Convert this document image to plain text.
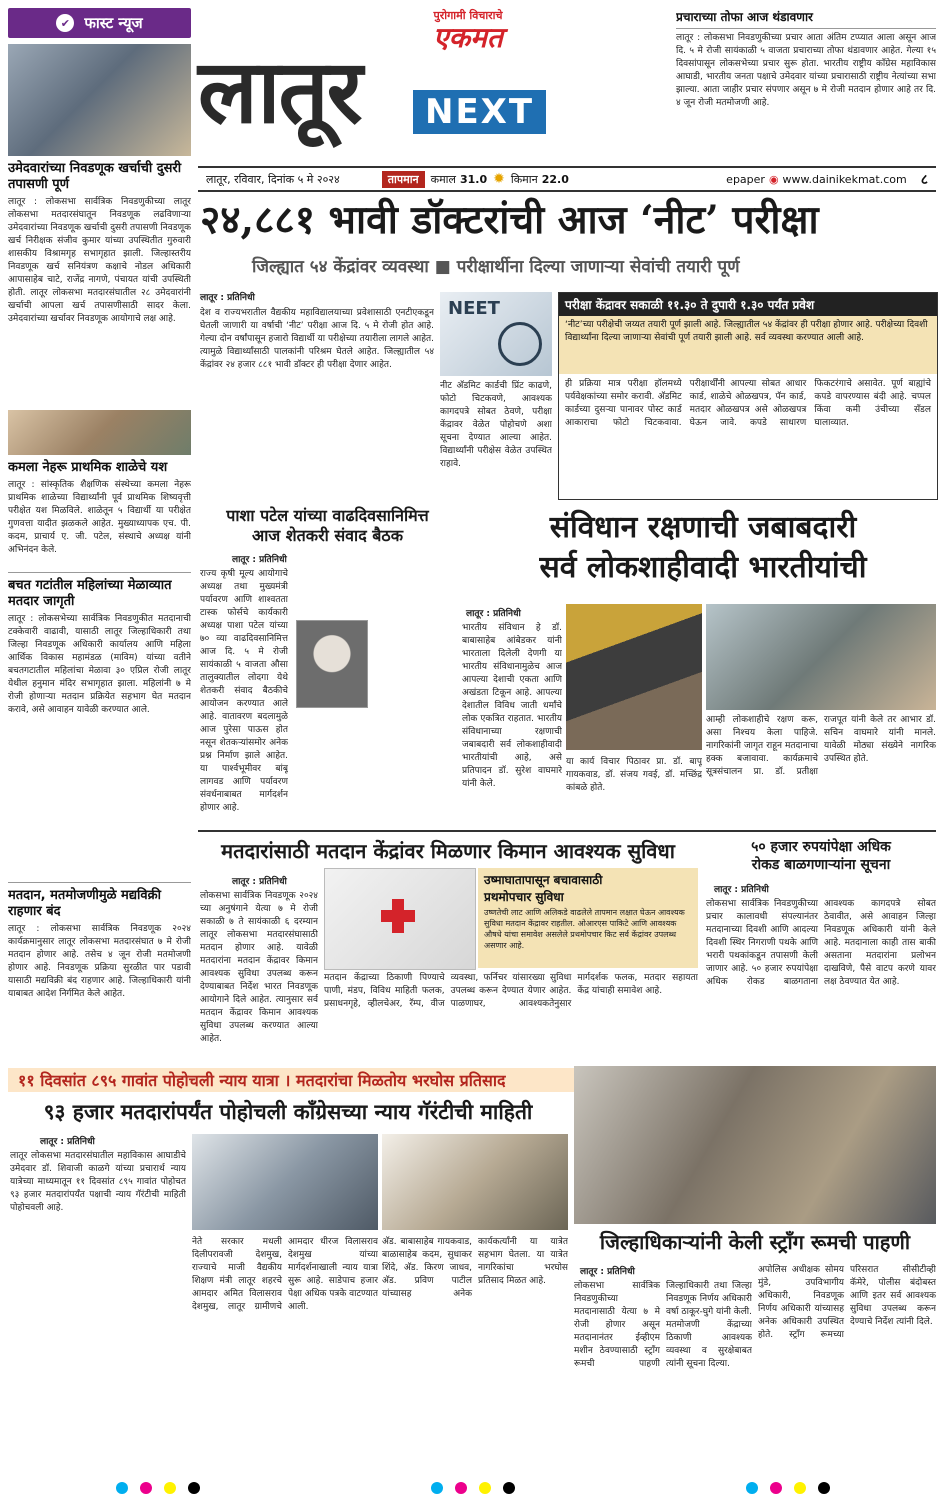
✔ फास्ट न्यूज
उमेदवारांच्या निवडणूक खर्चाची दुसरी तपासणी पूर्ण
लातूर : लोकसभा सार्वत्रिक निवडणुकीच्या लातूर लोकसभा मतदारसंघातून निवडणूक लढविणाऱ्या उमेदवारांच्या निवडणूक खर्चाची दुसरी तपासणी निवडणूक खर्च निरीक्षक संजीव कुमार यांच्या उपस्थितीत गुरुवारी शासकीय विश्रामगृह सभागृहात झाली. जिल्हास्तरीय निवडणूक खर्च सनियंत्रण कक्षाचे नोडल अधिकारी आपासाहेब चाटे, राजेंद्र नागणे, पंचायत यांची उपस्थिती होती. लातूर लोकसभा मतदारसंघातील २८ उमेदवारांनी खर्चाची आपला खर्च तपासणीसाठी सादर केला. उमेदवारांच्या खर्चावर निवडणूक आयोगाचे लक्ष आहे.
कमला नेहरू प्राथमिक शाळेचे यश
लातूर : सांस्कृतिक शैक्षणिक संस्थेच्या कमला नेहरू प्राथमिक शाळेच्या विद्यार्थ्यांनी पूर्व प्राथमिक शिष्यवृत्ती परीक्षेत यश मिळविले. शाळेतून ५ विद्यार्थी या परीक्षेत गुणवत्ता यादीत झळकले आहेत. मुख्याध्यापक एच. पी. कदम, प्राचार्य ए. जी. पटेल, संस्थाचे अध्यक्ष यांनी अभिनंदन केले.
बचत गटांतील महिलांच्या मेळाव्यात मतदार जागृती
लातूर : लोकसभेच्या सार्वत्रिक निवडणुकीत मतदानाची टक्केवारी वाढावी, यासाठी लातूर जिल्हाधिकारी तथा जिल्हा निवडणूक अधिकारी कार्यालय आणि महिला आर्थिक विकास महामंडळ (माविम) यांच्या वतीने बचतगटातील महिलांचा मेळावा ३० एप्रिल रोजी लातूर येथील हनुमान मंदिर सभागृहात झाला. महिलांनी ७ मे रोजी होणाऱ्या मतदान प्रक्रियेत सहभाग घेत मतदान करावे, असे आवाहन यावेळी करण्यात आले.
मतदान, मतमोजणीमुळे मद्यविक्री राहणार बंद
लातूर : लोकसभा सार्वत्रिक निवडणूक २०२४ कार्यक्रमानुसार लातूर लोकसभा मतदारसंघात ७ मे रोजी मतदान होणार आहे. तसेच ४ जून रोजी मतमोजणी होणार आहे. निवडणूक प्रक्रिया सुरळीत पार पडावी यासाठी मद्यविक्री बंद राहणार आहे. जिल्हाधिकारी यांनी याबाबत आदेश निर्गमित केले आहेत.
लातूर
पुरोगामी विचाराचे
एकमत
NEXT
प्रचाराच्या तोफा आज थंडावणार
लातूर : लोकसभा निवडणुकीच्या प्रचार आता अंतिम टप्प्यात आला असून आज दि. ५ मे रोजी सायंकाळी ५ वाजता प्रचाराच्या तोफा थंडावणार आहेत. गेल्या १५ दिवसांपासून लोकसभेच्या प्रचार सुरू होता. भारतीय राष्ट्रीय काँग्रेस महाविकास आघाडी, भारतीय जनता पक्षाचे उमेदवार यांच्या प्रचारासाठी राष्ट्रीय नेत्यांच्या सभा झाल्या. आता जाहीर प्रचार संपणार असून ७ मे रोजी मतदान होणार आहे तर दि. ४ जून रोजी मतमोजणी आहे.
लातूर, रविवार, दिनांक ५ मे २०२४	तापमान	कमाल 31.0 ✹ किमान 22.0	epaper ◉ www.dainikekmat.com ८
२४,८८१ भावी डॉक्टरांची आज ‘नीट’ परीक्षा
जिल्ह्यात ५४ केंद्रांवर व्यवस्था ■ परीक्षार्थीना दिल्या जाणाऱ्या सेवांची तयारी पूर्ण
लातूर : प्रतिनिधी
देश व राज्यभरातील वैद्यकीय महाविद्यालयाच्या प्रवेशासाठी एनटीएकडून घेतली जाणारी या वर्षाची ‘नीट’ परीक्षा आज दि. ५ मे रोजी होत आहे. गेल्या दोन वर्षांपासून हजारो विद्यार्थी या परीक्षेच्या तयारीला लागले आहेत. त्यामुळे विद्यार्थ्यांसाठी पालकांनी परिश्रम घेतले आहेत. जिल्ह्यातील ५४ केंद्रांवर २४ हजार ८८१ भावी डॉक्टर ही परीक्षा देणार आहेत.
NEET
नीट अ‍ॅडमिट कार्डची प्रिंट काढणे, फोटो चिटकवणे, आवश्यक कागदपत्रे सोबत ठेवणे, परीक्षा केंद्रावर वेळेत पोहोचणे अशा सूचना देण्यात आल्या आहेत. विद्यार्थ्यांनी परीक्षेस वेळेत उपस्थित राहावे.
परीक्षा केंद्रावर सकाळी ११.३० ते दुपारी १.३० पर्यंत प्रवेश
‘नीट’च्या परीक्षेची जय्यत तयारी पूर्ण झाली आहे. जिल्ह्यातील ५४ केंद्रांवर ही परीक्षा होणार आहे. परीक्षेच्या दिवशी विद्यार्थ्यांना दिल्या जाणाऱ्या सेवांची पूर्ण तयारी झाली आहे. सर्व व्यवस्था करण्यात आली आहे.
ही प्रक्रिया मात्र परीक्षा हॉलमध्ये पर्यवेक्षकांच्या समोर करावी. अ‍ॅडमिट कार्डच्या दुसऱ्या पानावर पोस्ट कार्ड आकाराचा फोटो चिटकवावा. परीक्षार्थींनी आपल्या सोबत आधार कार्ड, शाळेचे ओळखपत्र, पॅन कार्ड, मतदार ओळखपत्र असे ओळखपत्र घेऊन जावे. कपडे साधारण फिकटरंगाचे असावेत. पूर्ण बाह्यांचे कपडे वापरण्यास बंदी आहे. चप्पल किंवा कमी उंचीच्या सँडल घालाव्यात.
पाशा पटेल यांच्या वाढदिवसानिमित्त
आज शेतकरी संवाद बैठक
लातूर : प्रतिनिधी
राज्य कृषी मूल्य आयोगाचे अध्यक्ष तथा मुख्यमंत्री पर्यावरण आणि शाश्वतता टास्क फोर्सचे कार्यकारी अध्यक्ष पाशा पटेल यांच्या ७० व्या वाढदिवसानिमित्त आज दि. ५ मे रोजी सायंकाळी ५ वाजता औसा तालुक्यातील लोदगा येथे शेतकरी संवाद बैठकीचे आयोजन करण्यात आले आहे. वातावरण बदलामुळे आज पुरेसा पाऊस होत नसून शेतकऱ्यांसमोर अनेक प्रश्न निर्माण झाले आहेत. या पार्श्वभूमीवर बांबू लागवड आणि पर्यावरण संवर्धनाबाबत मार्गदर्शन होणार आहे.
संविधान रक्षणाची जबाबदारी
सर्व लोकशाहीवादी भारतीयांची
लातूर : प्रतिनिधी
भारतीय संविधान हे डॉ. बाबासाहेब आंबेडकर यांनी भारताला दिलेली देणगी या भारतीय संविधानामुळेच आज आपल्या देशाची एकता आणि अखंडता टिकून आहे. आपल्या देशातील विविध जाती धर्मांचे लोक एकत्रित राहतात. भारतीय संविधानाच्या रक्षणाची जबाबदारी सर्व लोकशाहीवादी भारतीयांची आहे, असे प्रतिपादन डॉ. सुरेश वाघमारे यांनी केले.
या कार्य विचार पिठावर प्रा. डॉ. बापू गायकवाड, डॉ. संजय गवई, डॉ. मच्छिंद्र कांबळे होते.
आम्ही लोकशाहीचे रक्षण करू, असा निश्चय केला पाहिजे. नागरिकांनी जागृत राहून मतदानाचा हक्क बजावावा. कार्यक्रमाचे सूत्रसंचालन प्रा. डॉ. प्रतीक्षा राजपूत यांनी केले तर आभार डॉ. सचिन वाघमारे यांनी मानले. यावेळी मोठ्या संख्येने नागरिक उपस्थित होते.
मतदारांसाठी मतदान केंद्रांवर मिळणार किमान आवश्यक सुविधा
लातूर : प्रतिनिधी
लोकसभा सार्वत्रिक निवडणूक २०२४ च्या अनुषंगाने येत्या ७ मे रोजी सकाळी ७ ते सायंकाळी ६ दरम्यान लातूर लोकसभा मतदारसंघासाठी मतदान होणार आहे. यावेळी मतदारांना मतदान केंद्रावर किमान आवश्यक सुविधा उपलब्ध करून देण्याबाबत निर्देश भारत निवडणूक आयोगाने दिले आहेत. त्यानुसार सर्व मतदान केंद्रावर किमान आवश्यक सुविधा उपलब्ध करण्यात आल्या आहेत.
उष्माघातापासून बचावासाठी
प्रथमोपचार सुविधा
उष्णतेची लाट आणि अलिकडे वाढलेले तापमान लक्षात घेऊन आवश्यक सुविधा मतदान केंद्रावर राहतील. ओआरएस पाकिटे आणि आवश्यक औषधे यांचा समावेश असलेले प्रथमोपचार किट सर्व केंद्रांवर उपलब्ध असणार आहे.
मतदान केंद्राच्या ठिकाणी पिण्याचे पाणी, मंडप, विविध माहिती फलक, प्रसाधनगृहे, व्हीलचेअर, रॅम्प, वीज व्यवस्था, फर्निचर यांसारख्या सुविधा उपलब्ध करून देण्यात येणार आहेत. पाळणाघर, आवश्यकतेनुसार मार्गदर्शक फलक, मतदार सहायता केंद्र यांचाही समावेश आहे.
५० हजार रुपयांपेक्षा अधिक
रोकड बाळगणाऱ्यांना सूचना
लातूर : प्रतिनिधी
लोकसभा सार्वत्रिक निवडणुकीच्या प्रचार कालावधी संपल्यानंतर मतदानाच्या दिवशी आणि आदल्या दिवशी स्थिर निगराणी पथके आणि भरारी पथकांकडून तपासणी केली जाणार आहे. ५० हजार रुपयांपेक्षा अधिक रोकड बाळगताना आवश्यक कागदपत्रे सोबत ठेवावीत, असे आवाहन जिल्हा निवडणूक अधिकारी यांनी केले आहे. मतदानाला काही तास बाकी असताना मतदारांना प्रलोभन दाखविणे, पैसे वाटप करणे यावर लक्ष ठेवण्यात येत आहे.
११ दिवसांत ८९५ गावांत पोहोचली न्याय यात्रा । मतदारांचा मिळतोय भरघोस प्रतिसाद
९३ हजार मतदारांपर्यंत पोहोचली कॉंग्रेसच्या न्याय गॅरंटीची माहिती
लातूर : प्रतिनिधी
लातूर लोकसभा मतदारसंघातील महाविकास आघाडीचे उमेदवार डॉ. शिवाजी काळगे यांच्या प्रचारार्थ न्याय यात्रेच्या माध्यमातून ११ दिवसांत ८९५ गावांत पोहोचत ९३ हजार मतदारांपर्यंत पक्षाची न्याय गॅरंटीची माहिती पोहोचवली आहे.
नेते सरकार मधली दिलीपरावजी देशमुख, राज्याचे माजी वैद्यकीय शिक्षण मंत्री लातूर शहरचे आमदार अमित विलासराव देशमुख, लातूर ग्रामीणचे आमदार धीरज विलासराव देशमुख यांच्या मार्गदर्शनाखाली न्याय यात्रा सुरू आहे. साडेपाच हजार पेक्षा अधिक पत्रके वाटण्यात आली.
अ‍ॅड. बाबासाहेब गायकवाड, बाळासाहेब कदम, सुधाकर शिंदे, अ‍ॅड. किरण जाधव, अ‍ॅड. प्रविण पाटील यांच्यासह अनेक कार्यकर्त्यांनी या यात्रेत सहभाग घेतला. या यात्रेत नागरिकांचा भरघोस प्रतिसाद मिळत आहे.
जिल्हाधिकाऱ्यांनी केली स्ट्रॉंग रूमची पाहणी
लातूर : प्रतिनिधी
लोकसभा सार्वत्रिक निवडणुकीच्या मतदानासाठी येत्या ७ मे रोजी होणार असून मतदानानंतर ईव्हीएम मशीन ठेवण्यासाठी स्ट्रॉंग रूमची पाहणी जिल्हाधिकारी तथा जिल्हा निवडणूक निर्णय अधिकारी वर्षा ठाकूर-घुगे यांनी केली. मतमोजणी केंद्राच्या ठिकाणी आवश्यक व्यवस्था व सुरक्षेबाबत त्यांनी सूचना दिल्या.
अपोलिस अधीक्षक सोमय मुंडे, उपविभागीय अधिकारी, निवडणूक निर्णय अधिकारी यांच्यासह अनेक अधिकारी उपस्थित होते. स्ट्रॉंग रूमच्या परिसरात सीसीटीव्ही कॅमेरे, पोलीस बंदोबस्त आणि इतर सर्व आवश्यक सुविधा उपलब्ध करून देण्याचे निर्देश त्यांनी दिले.
